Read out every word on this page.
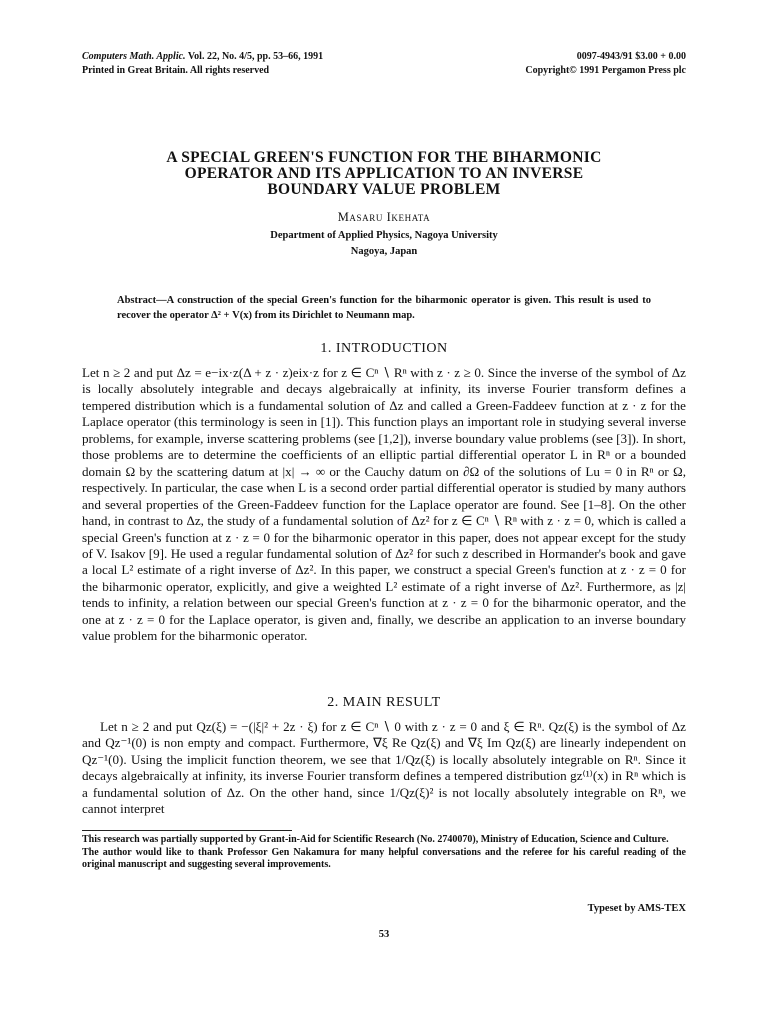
Computers Math. Applic. Vol. 22, No. 4/5, pp. 53–66, 1991	0097-4943/91 $3.00 + 0.00
Printed in Great Britain. All rights reserved	Copyright© 1991 Pergamon Press plc
A SPECIAL GREEN'S FUNCTION FOR THE BIHARMONIC
OPERATOR AND ITS APPLICATION TO AN INVERSE
BOUNDARY VALUE PROBLEM
Masaru Ikehata
Department of Applied Physics, Nagoya University
Nagoya, Japan
Abstract—A construction of the special Green's function for the biharmonic operator is given. This result is used to recover the operator Δ² + V(x) from its Dirichlet to Neumann map.
1. INTRODUCTION

Let n ≥ 2 and put Δz = e−ix·z(Δ + z · z)eix·z for z ∈ Cⁿ ∖ Rⁿ with z · z ≥ 0. Since the inverse of the symbol of Δz is locally absolutely integrable and decays algebraically at infinity, its inverse Fourier transform defines a tempered distribution which is a fundamental solution of Δz and called a Green-Faddeev function at z · z for the Laplace operator (this terminology is seen in [1]). This function plays an important role in studying several inverse problems, for example, inverse scattering problems (see [1,2]), inverse boundary value problems (see [3]). In short, those problems are to determine the coefficients of an elliptic partial differential operator L in Rⁿ or a bounded domain Ω by the scattering datum at |x| → ∞ or the Cauchy datum on ∂Ω of the solutions of Lu = 0 in Rⁿ or Ω, respectively. In particular, the case when L is a second order partial differential operator is studied by many authors and several properties of the Green-Faddeev function for the Laplace operator are found. See [1–8]. On the other hand, in contrast to Δz, the study of a fundamental solution of Δz² for z ∈ Cⁿ ∖ Rⁿ with z · z = 0, which is called a special Green's function at z · z = 0 for the biharmonic operator in this paper, does not appear except for the study of V. Isakov [9]. He used a regular fundamental solution of Δz² for such z described in Hormander's book and gave a local L² estimate of a right inverse of Δz². In this paper, we construct a special Green's function at z · z = 0 for the biharmonic operator, explicitly, and give a weighted L² estimate of a right inverse of Δz². Furthermore, as |z| tends to infinity, a relation between our special Green's function at z · z = 0 for the biharmonic operator, and the one at z · z = 0 for the Laplace operator, is given and, finally, we describe an application to an inverse boundary value problem for the biharmonic operator.

2. MAIN RESULT

Let n ≥ 2 and put Qz(ξ) = −(|ξ|² + 2z · ξ) for z ∈ Cⁿ ∖ 0 with z · z = 0 and ξ ∈ Rⁿ. Qz(ξ) is the symbol of Δz and Qz⁻¹(0) is non empty and compact. Furthermore, ∇ξ Re Qz(ξ) and ∇ξ Im Qz(ξ) are linearly independent on Qz⁻¹(0). Using the implicit function theorem, we see that 1/Qz(ξ) is locally absolutely integrable on Rⁿ. Since it decays algebraically at infinity, its inverse Fourier transform defines a tempered distribution gz⁽¹⁾(x) in Rⁿ which is a fundamental solution of Δz. On the other hand, since 1/Qz(ξ)² is not locally absolutely integrable on Rⁿ, we cannot interpret

This research was partially supported by Grant-in-Aid for Scientific Research (No. 2740070), Ministry of Education, Science and Culture.

The author would like to thank Professor Gen Nakamura for many helpful conversations and the referee for his careful reading of the original manuscript and suggesting several improvements.

Typeset by AMS-TEX
53
